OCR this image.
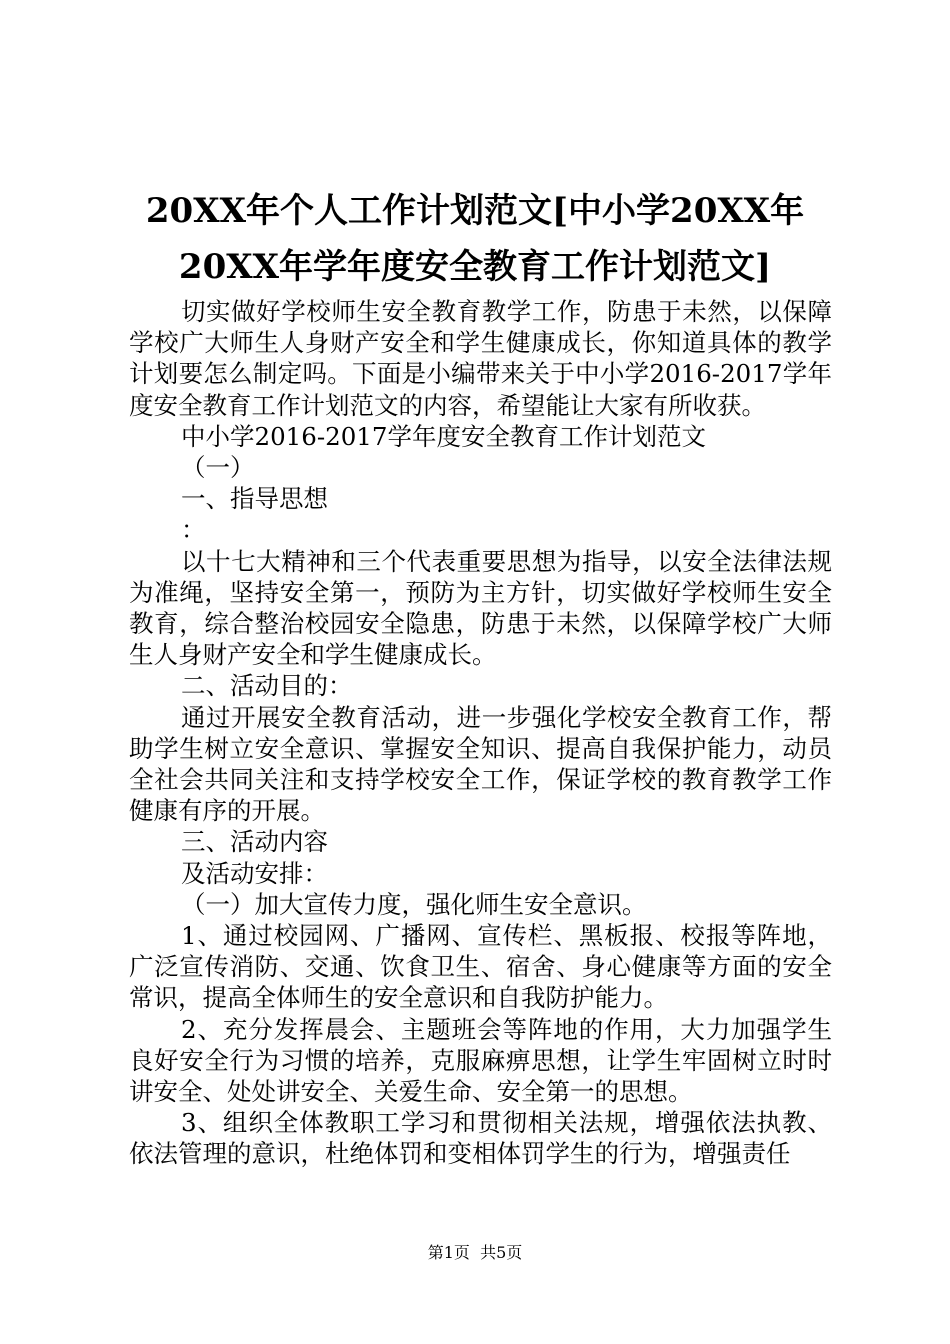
20XX年个人工作计划范文[中小学20XX年
20XX年学年度安全教育工作计划范文]

切实做好学校师生安全教育教学工作，防患于未然，以保障学校广大师生人身财产安全和学生健康成长，你知道具体的教学计划要怎么制定吗。下面是小编带来关于中小学2016-2017学年度安全教育工作计划范文的内容，希望能让大家有所收获。

中小学2016-2017学年度安全教育工作计划范文

（一）

一、指导思想

：

以十七大精神和三个代表重要思想为指导，以安全法律法规为准绳，坚持安全第一，预防为主方针，切实做好学校师生安全教育，综合整治校园安全隐患，防患于未然，以保障学校广大师生人身财产安全和学生健康成长。

二、活动目的：

通过开展安全教育活动，进一步强化学校安全教育工作，帮助学生树立安全意识、掌握安全知识、提高自我保护能力，动员全社会共同关注和支持学校安全工作，保证学校的教育教学工作健康有序的开展。

三、活动内容

及活动安排：

（一）加大宣传力度，强化师生安全意识。

1、通过校园网、广播网、宣传栏、黑板报、校报等阵地，广泛宣传消防、交通、饮食卫生、宿舍、身心健康等方面的安全常识，提高全体师生的安全意识和自我防护能力。

2、充分发挥晨会、主题班会等阵地的作用，大力加强学生良好安全行为习惯的培养，克服麻痹思想，让学生牢固树立时时讲安全、处处讲安全、关爱生命、安全第一的思想。

3、组织全体教职工学习和贯彻相关法规，增强依法执教、依法管理的意识，杜绝体罚和变相体罚学生的行为，增强责任

第1页  共5页
